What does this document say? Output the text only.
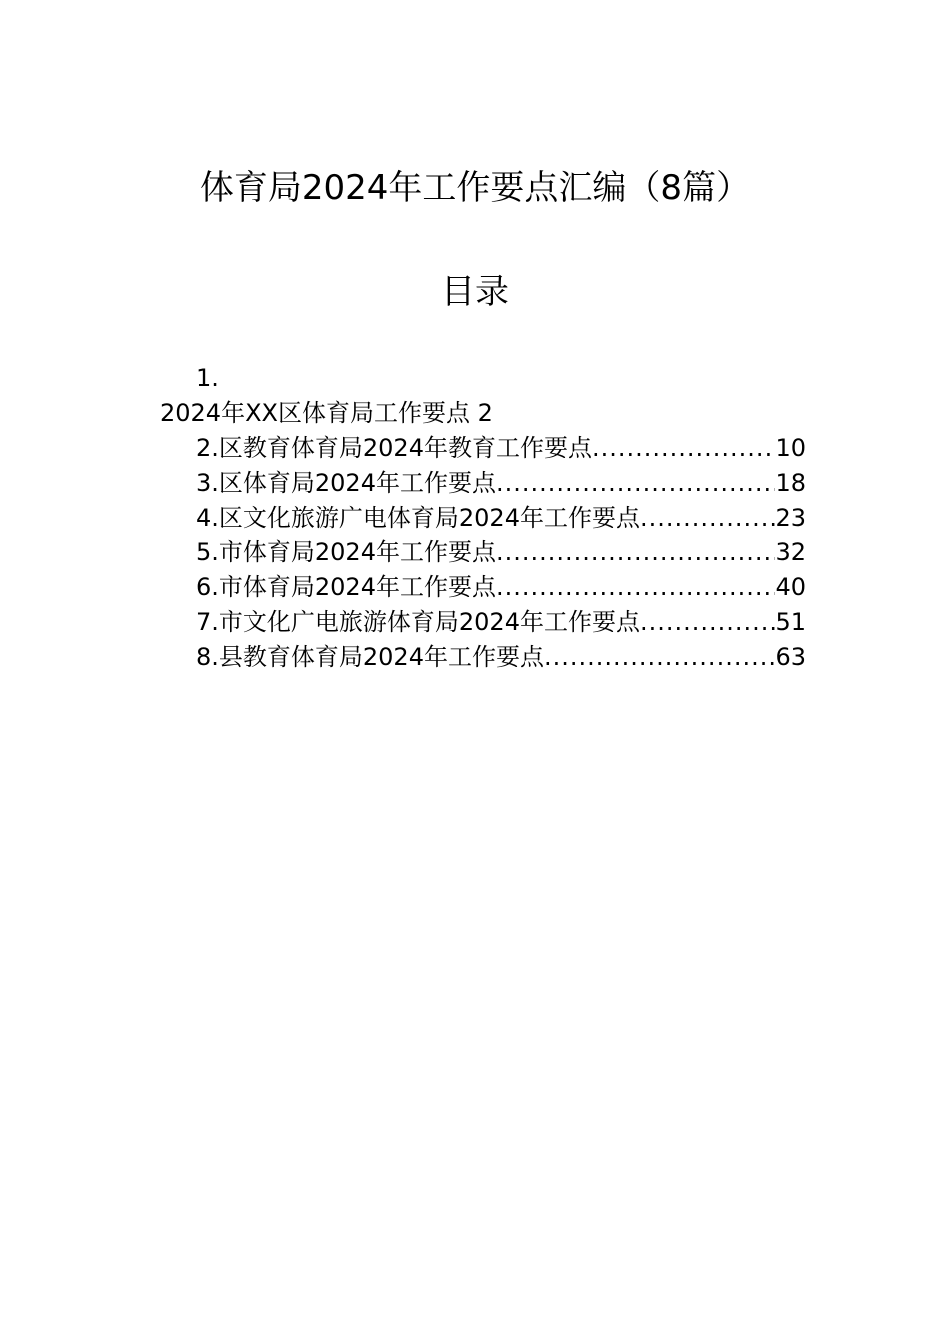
体育局2024年工作要点汇编（8篇）
目录
1.
2024年XX区体育局工作要点 2
2.区教育体育局2024年教育工作要点 .....	10
3.区体育局2024年工作要点 .....	18
4.区文化旅游广电体育局2024年工作要点 .....	23
5.市体育局2024年工作要点 .....	32
6.市体育局2024年工作要点 .....	40
7.市文化广电旅游体育局2024年工作要点 .....	51
8.县教育体育局2024年工作要点 .....	63
